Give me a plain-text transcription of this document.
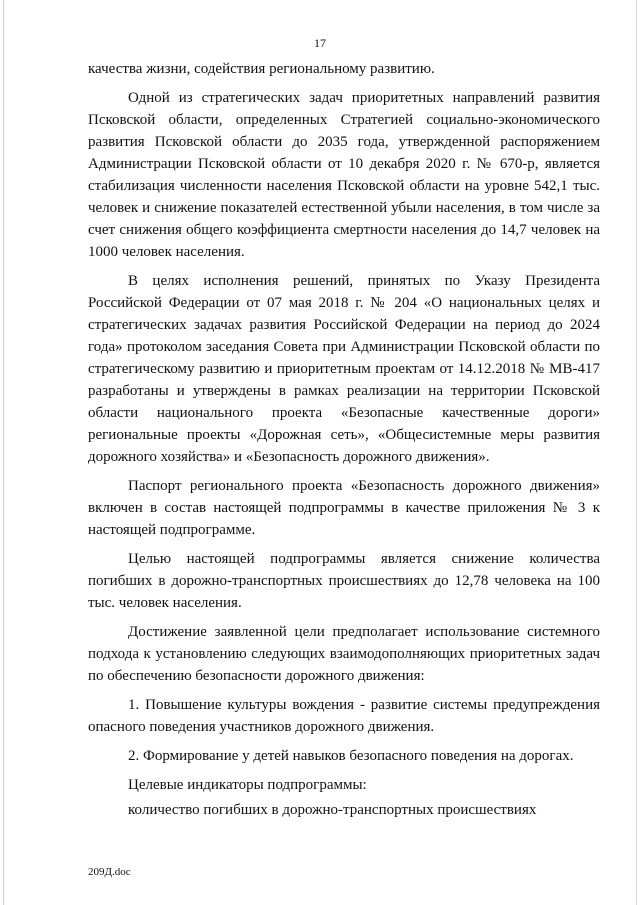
17

качества жизни, содействия региональному развитию.

Одной из стратегических задач приоритетных направлений развития Псковской области, определенных Стратегией социально-экономического развития Псковской области до 2035 года, утвержденной распоряжением Администрации Псковской области от 10 декабря 2020 г. № 670-р, является стабилизация численности населения Псковской области на уровне 542,1 тыс. человек и снижение показателей естественной убыли населения, в том числе за счет снижения общего коэффициента смертности населения до 14,7 человек на 1000 человек населения.

В целях исполнения решений, принятых по Указу Президента Российской Федерации от 07 мая 2018 г. № 204 «О национальных целях и стратегических задачах развития Российской Федерации на период до 2024 года» протоколом заседания Совета при Администрации Псковской области по стратегическому развитию и приоритетным проектам от 14.12.2018 № МВ-417 разработаны и утверждены в рамках реализации на территории Псковской области национального проекта «Безопасные качественные дороги» региональные проекты «Дорожная сеть», «Общесистемные меры развития дорожного хозяйства» и «Безопасность дорожного движения».

Паспорт регионального проекта «Безопасность дорожного движения» включен в состав настоящей подпрограммы в качестве приложения № 3 к настоящей подпрограмме.

Целью настоящей подпрограммы является снижение количества погибших в дорожно-транспортных происшествиях до 12,78 человека на 100 тыс. человек населения.

Достижение заявленной цели предполагает использование системного подхода к установлению следующих взаимодополняющих приоритетных задач по обеспечению безопасности дорожного движения:

1. Повышение культуры вождения - развитие системы предупреждения опасного поведения участников дорожного движения.

2. Формирование у детей навыков безопасного поведения на дорогах.

Целевые индикаторы подпрограммы:

количество погибших в дорожно-транспортных происшествиях

209Д.doc
